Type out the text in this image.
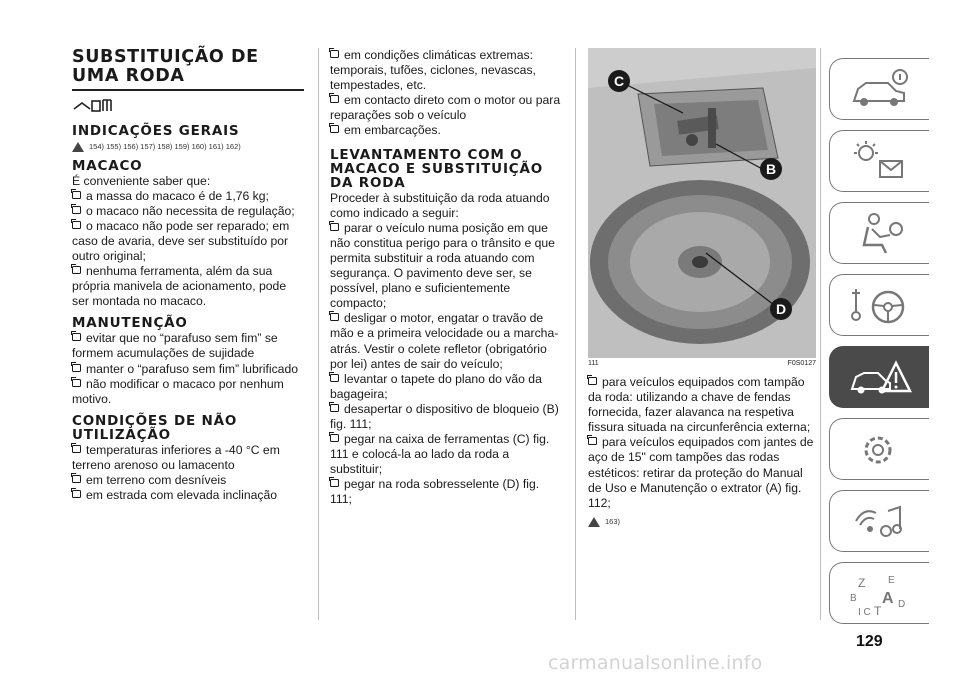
SUBSTITUIÇÃO DE UMA RODA
INDICAÇÕES GERAIS
154) 155) 156) 157) 158) 159) 160) 161) 162)
MACACO

É conveniente saber que:

a massa do macaco é de 1,76 kg;
o macaco não necessita de regulação;
o macaco não pode ser reparado; em caso de avaria, deve ser substituído por outro original;
nenhuma ferramenta, além da sua própria manivela de acionamento, pode ser montada no macaco.
MANUTENÇÃO
evitar que no “parafuso sem fim” se formem acumulações de sujidade
manter o “parafuso sem fim” lubrificado
não modificar o macaco por nenhum motivo.
CONDIÇÕES DE NÃO UTILIZAÇÃO
temperaturas inferiores a -40 °C em terreno arenoso ou lamacento
em terreno com desníveis
em estrada com elevada inclinação
em condições climáticas extremas: temporais, tufões, ciclones, nevascas, tempestades, etc.
em contacto direto com o motor ou para reparações sob o veículo
em embarcações.
LEVANTAMENTO COM O MACACO E SUBSTITUIÇÃO DA RODA

Proceder à substituição da roda atuando como indicado a seguir:

parar o veículo numa posição em que não constitua perigo para o trânsito e que permita substituir a roda atuando com segurança. O pavimento deve ser, se possível, plano e suficientemente compacto;
desligar o motor, engatar o travão de mão e a primeira velocidade ou a marcha-atrás. Vestir o colete refletor (obrigatório por lei) antes de sair do veículo;
levantar o tapete do plano do vão da bagageira;
desapertar o dispositivo de bloqueio (B) fig. 111;
pegar na caixa de ferramentas (C) fig. 111 e colocá-la ao lado da roda a substituir;
pegar na roda sobresselente (D) fig. 111;
C
B
D
111	F0S0127
para veículos equipados com tampão da roda: utilizando a chave de fendas fornecida, fazer alavanca na respetiva fissura situada na circunferência externa;
para veículos equipados com jantes de aço de 15" com tampões das rodas estéticos: retirar da proteção do Manual de Uso e Manutenção o extrator (A) fig. 112;
163)
Z E
B A D
I C T
129
carmanualsonline.info
